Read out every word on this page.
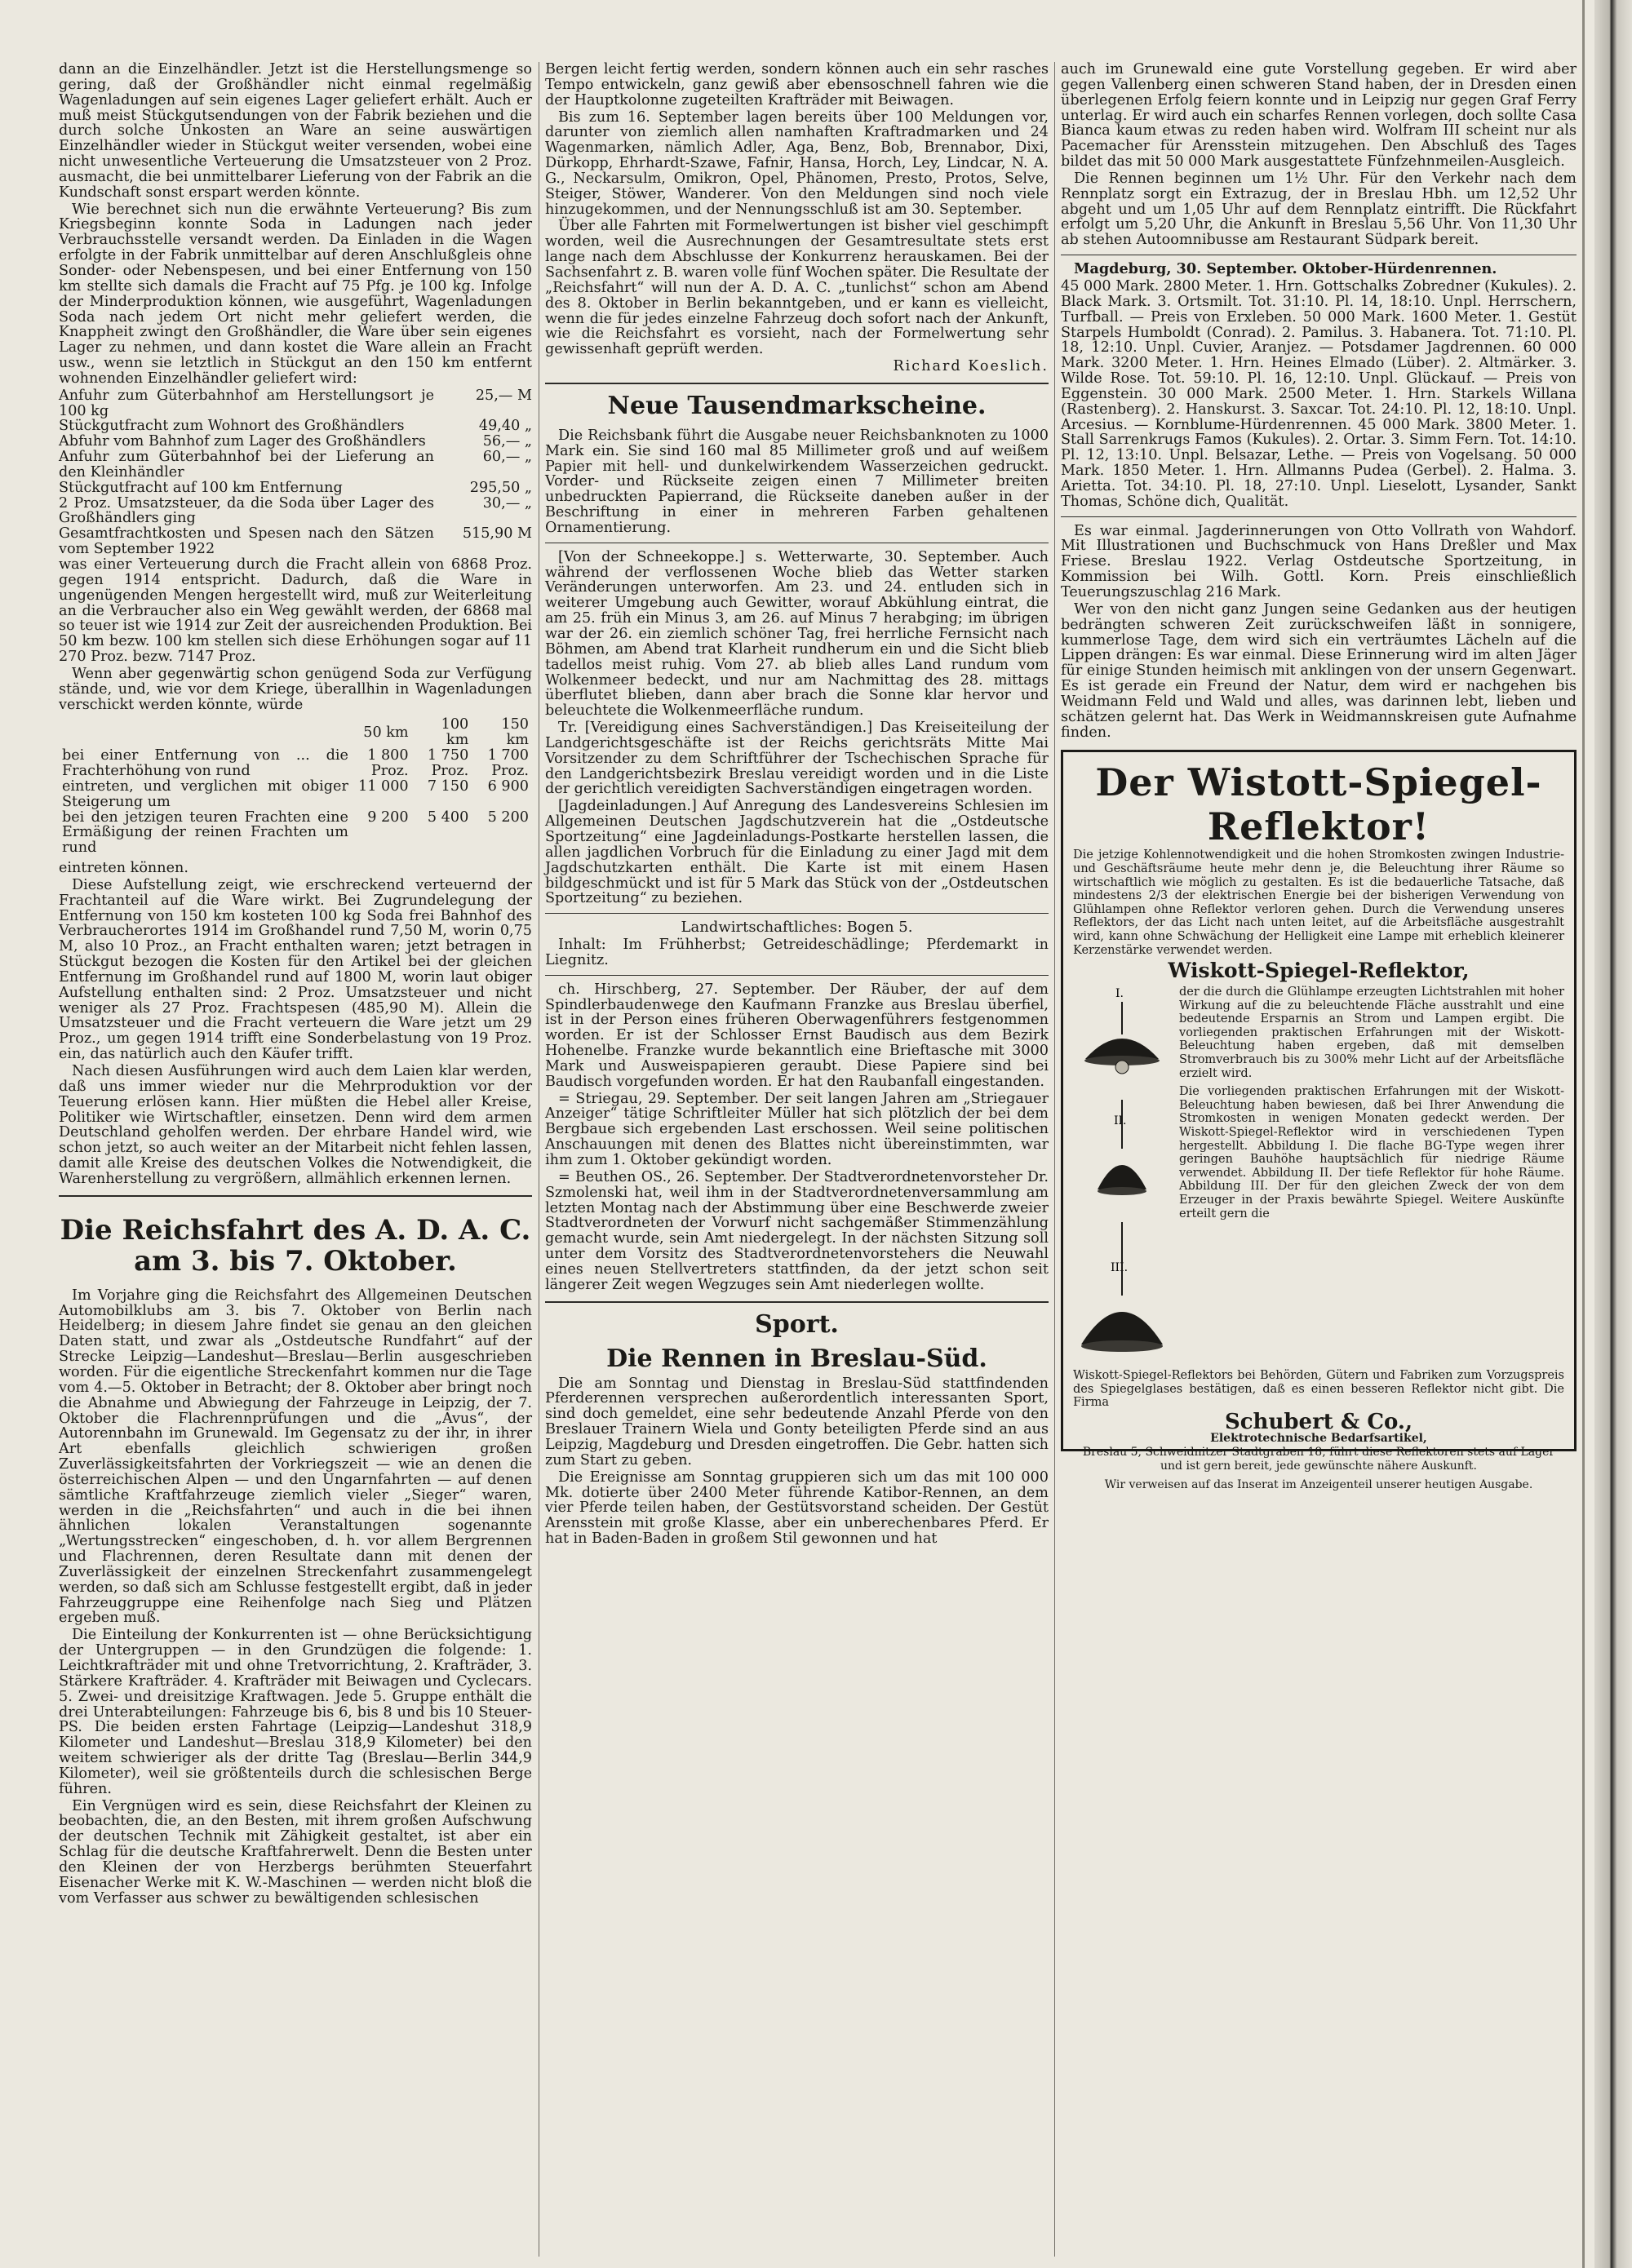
dann an die Einzelhändler. Jetzt ist die Herstellungsmenge so gering, daß der Großhändler nicht einmal regelmäßig Wagenladungen auf sein eigenes Lager geliefert erhält. Auch er muß meist Stückgutsendungen von der Fabrik beziehen und die durch solche Unkosten an Ware an seine auswärtigen Einzelhändler wieder in Stückgut weiter versenden, wobei eine nicht unwesentliche Verteuerung die Umsatzsteuer von 2 Proz. ausmacht, die bei unmittelbarer Lieferung von der Fabrik an die Kundschaft sonst erspart werden könnte.

Wie berechnet sich nun die erwähnte Verteuerung? Bis zum Kriegsbeginn konnte Soda in Ladungen nach jeder Verbrauchsstelle versandt werden. Da Einladen in die Wagen erfolgte in der Fabrik unmittelbar auf deren Anschlußgleis ohne Sonder- oder Nebenspesen, und bei einer Entfernung von 150 km stellte sich damals die Fracht auf 75 Pfg. je 100 kg. Infolge der Minderproduktion können, wie ausgeführt, Wagenladungen Soda nach jedem Ort nicht mehr geliefert werden, die Knappheit zwingt den Großhändler, die Ware über sein eigenes Lager zu nehmen, und dann kostet die Ware allein an Fracht usw., wenn sie letztlich in Stückgut an den 150 km entfernt wohnenden Einzelhändler geliefert wird:

Anfuhr zum Güterbahnhof am Herstellungsort je 100 kg	25,— M
Stückgutfracht zum Wohnort des Großhändlers	49,40 „
Abfuhr vom Bahnhof zum Lager des Großhändlers	56,— „
Anfuhr zum Güterbahnhof bei der Lieferung an den Kleinhändler	60,— „
Stückgutfracht auf 100 km Entfernung	295,50 „
2 Proz. Umsatzsteuer, da die Soda über Lager des Großhändlers ging	30,— „
Gesamtfrachtkosten und Spesen nach den Sätzen vom September 1922	515,90 M

was einer Verteuerung durch die Fracht allein von 6868 Proz. gegen 1914 entspricht. Dadurch, daß die Ware in ungenügenden Mengen hergestellt wird, muß zur Weiterleitung an die Verbraucher also ein Weg gewählt werden, der 6868 mal so teuer ist wie 1914 zur Zeit der ausreichenden Produktion. Bei 50 km bezw. 100 km stellen sich diese Erhöhungen sogar auf 11 270 Proz. bezw. 7147 Proz.

Wenn aber gegenwärtig schon genügend Soda zur Verfügung stände, und, wie vor dem Kriege, überallhin in Wagenladungen verschickt werden könnte, würde

	50 km	100 km	150 km
bei einer Entfernung von ... die Frachterhöhung von rund	1 800 Proz.	1 750 Proz.	1 700 Proz.
eintreten, und verglichen mit obiger Steigerung um	11 000	7 150	6 900
bei den jetzigen teuren Frachten eine Ermäßigung der reinen Frachten um rund	9 200	5 400	5 200

eintreten können.

Diese Aufstellung zeigt, wie erschreckend verteuernd der Frachtanteil auf die Ware wirkt. Bei Zugrundelegung der Entfernung von 150 km kosteten 100 kg Soda frei Bahnhof des Verbraucherortes 1914 im Großhandel rund 7,50 M, worin 0,75 M, also 10 Proz., an Fracht enthalten waren; jetzt betragen in Stückgut bezogen die Kosten für den Artikel bei der gleichen Entfernung im Großhandel rund auf 1800 M, worin laut obiger Aufstellung enthalten sind: 2 Proz. Umsatzsteuer und nicht weniger als 27 Proz. Frachtspesen (485,90 M). Allein die Umsatzsteuer und die Fracht verteuern die Ware jetzt um 29 Proz., um gegen 1914 trifft eine Sonderbelastung von 19 Proz. ein, das natürlich auch den Käufer trifft.

Nach diesen Ausführungen wird auch dem Laien klar werden, daß uns immer wieder nur die Mehrproduktion vor der Teuerung erlösen kann. Hier müßten die Hebel aller Kreise, Politiker wie Wirtschaftler, einsetzen. Denn wird dem armen Deutschland geholfen werden. Der ehrbare Handel wird, wie schon jetzt, so auch weiter an der Mitarbeit nicht fehlen lassen, damit alle Kreise des deutschen Volkes die Notwendigkeit, die Warenherstellung zu vergrößern, allmählich erkennen lernen.

Die Reichsfahrt des A. D. A. C. am 3. bis 7. Oktober.

Im Vorjahre ging die Reichsfahrt des Allgemeinen Deutschen Automobilklubs am 3. bis 7. Oktober von Berlin nach Heidelberg; in diesem Jahre findet sie genau an den gleichen Daten statt, und zwar als „Ostdeutsche Rundfahrt“ auf der Strecke Leipzig—Landeshut—Breslau—Berlin ausgeschrieben worden. Für die eigentliche Streckenfahrt kommen nur die Tage vom 4.—5. Oktober in Betracht; der 8. Oktober aber bringt noch die Abnahme und Abwiegung der Fahrzeuge in Leipzig, der 7. Oktober die Flachrennprüfungen und die „Avus“, der Autorennbahn im Grunewald. Im Gegensatz zu der ihr, in ihrer Art ebenfalls gleichlich schwierigen großen Zuverlässigkeitsfahrten der Vorkriegszeit — wie an denen die österreichischen Alpen — und den Ungarnfahrten — auf denen sämtliche Kraftfahrzeuge ziemlich vieler „Sieger“ waren, werden in die „Reichsfahrten“ und auch in die bei ihnen ähnlichen lokalen Veranstaltungen sogenannte „Wertungsstrecken“ eingeschoben, d. h. vor allem Bergrennen und Flachrennen, deren Resultate dann mit denen der Zuverlässigkeit der einzelnen Streckenfahrt zusammengelegt werden, so daß sich am Schlusse festgestellt ergibt, daß in jeder Fahrzeuggruppe eine Reihenfolge nach Sieg und Plätzen ergeben muß.

Die Einteilung der Konkurrenten ist — ohne Berücksichtigung der Untergruppen — in den Grundzügen die folgende: 1. Leichtkrafträder mit und ohne Tretvorrichtung, 2. Krafträder, 3. Stärkere Krafträder. 4. Krafträder mit Beiwagen und Cyclecars. 5. Zwei- und dreisitzige Kraftwagen. Jede 5. Gruppe enthält die drei Unterabteilungen: Fahrzeuge bis 6, bis 8 und bis 10 Steuer-PS. Die beiden ersten Fahrtage (Leipzig—Landeshut 318,9 Kilometer und Landeshut—Breslau 318,9 Kilometer) bei den weitem schwieriger als der dritte Tag (Breslau—Berlin 344,9 Kilometer), weil sie größtenteils durch die schlesischen Berge führen.

Ein Vergnügen wird es sein, diese Reichsfahrt der Kleinen zu beobachten, die, an den Besten, mit ihrem großen Aufschwung der deutschen Technik mit Zähigkeit gestaltet, ist aber ein Schlag für die deutsche Kraftfahrerwelt. Denn die Besten unter den Kleinen der von Herzbergs berühmten Steuerfahrt Eisenacher Werke mit K. W.-Maschinen — werden nicht bloß die vom Verfasser aus schwer zu bewältigenden schlesischen

Bergen leicht fertig werden, sondern können auch ein sehr rasches Tempo entwickeln, ganz gewiß aber ebensoschnell fahren wie die der Hauptkolonne zugeteilten Krafträder mit Beiwagen.

Bis zum 16. September lagen bereits über 100 Meldungen vor, darunter von ziemlich allen namhaften Kraftradmarken und 24 Wagenmarken, nämlich Adler, Aga, Benz, Bob, Brennabor, Dixi, Dürkopp, Ehrhardt-Szawe, Fafnir, Hansa, Horch, Ley, Lindcar, N. A. G., Neckarsulm, Omikron, Opel, Phänomen, Presto, Protos, Selve, Steiger, Stöwer, Wanderer. Von den Meldungen sind noch viele hinzugekommen, und der Nennungsschluß ist am 30. September.

Über alle Fahrten mit Formelwertungen ist bisher viel geschimpft worden, weil die Ausrechnungen der Gesamtresultate stets erst lange nach dem Abschlusse der Konkurrenz herauskamen. Bei der Sachsenfahrt z. B. waren volle fünf Wochen später. Die Resultate der „Reichsfahrt“ will nun der A. D. A. C. „tunlichst“ schon am Abend des 8. Oktober in Berlin bekanntgeben, und er kann es vielleicht, wenn die für jedes einzelne Fahrzeug doch sofort nach der Ankunft, wie die Reichsfahrt es vorsieht, nach der Formelwertung sehr gewissenhaft geprüft werden.

Richard Koeslich.

Neue Tausendmarkscheine.

Die Reichsbank führt die Ausgabe neuer Reichsbanknoten zu 1000 Mark ein. Sie sind 160 mal 85 Millimeter groß und auf weißem Papier mit hell- und dunkelwirkendem Wasserzeichen gedruckt. Vorder- und Rückseite zeigen einen 7 Millimeter breiten unbedruckten Papierrand, die Rückseite daneben außer in der Beschriftung in einer in mehreren Farben gehaltenen Ornamentierung.

[Von der Schneekoppe.] s. Wetterwarte, 30. September. Auch während der verflossenen Woche blieb das Wetter starken Veränderungen unterworfen. Am 23. und 24. entluden sich in weiterer Umgebung auch Gewitter, worauf Abkühlung eintrat, die am 25. früh ein Minus 3, am 26. auf Minus 7 herabging; im übrigen war der 26. ein ziemlich schöner Tag, frei herrliche Fernsicht nach Böhmen, am Abend trat Klarheit rundherum ein und die Sicht blieb tadellos meist ruhig. Vom 27. ab blieb alles Land rundum vom Wolkenmeer bedeckt, und nur am Nachmittag des 28. mittags überflutet blieben, dann aber brach die Sonne klar hervor und beleuchtete die Wolkenmeerfläche rundum.

Tr. [Vereidigung eines Sachverständigen.] Das Kreiseiteilung der Landgerichtsgeschäfte ist der Reichs gerichtsräts Mitte Mai Vorsitzender zu dem Schriftführer der Tschechischen Sprache für den Landgerichtsbezirk Breslau vereidigt worden und in die Liste der gerichtlich vereidigten Sachverständigen eingetragen worden.

[Jagdeinladungen.] Auf Anregung des Landesvereins Schlesien im Allgemeinen Deutschen Jagdschutzverein hat die „Ostdeutsche Sportzeitung“ eine Jagdeinladungs-Postkarte herstellen lassen, die allen jagdlichen Vorbruch für die Einladung zu einer Jagd mit dem Jagdschutzkarten enthält. Die Karte ist mit einem Hasen bildgeschmückt und ist für 5 Mark das Stück von der „Ostdeutschen Sportzeitung“ zu beziehen.

Landwirtschaftliches: Bogen 5.

Inhalt: Im Frühherbst; Getreideschädlinge; Pferdemarkt in Liegnitz.

ch. Hirschberg, 27. September. Der Räuber, der auf dem Spindlerbaudenwege den Kaufmann Franzke aus Breslau überfiel, ist in der Person eines früheren Oberwagenführers festgenommen worden. Er ist der Schlosser Ernst Baudisch aus dem Bezirk Hohenelbe. Franzke wurde bekanntlich eine Brieftasche mit 3000 Mark und Ausweispapieren geraubt. Diese Papiere sind bei Baudisch vorgefunden worden. Er hat den Raubanfall eingestanden.

= Striegau, 29. September. Der seit langen Jahren am „Striegauer Anzeiger“ tätige Schriftleiter Müller hat sich plötzlich der bei dem Bergbaue sich ergebenden Last erschossen. Weil seine politischen Anschauungen mit denen des Blattes nicht übereinstimmten, war ihm zum 1. Oktober gekündigt worden.

= Beuthen OS., 26. September. Der Stadtverordnetenvorsteher Dr. Szmolenski hat, weil ihm in der Stadtverordnetenversammlung am letzten Montag nach der Abstimmung über eine Beschwerde zweier Stadtverordneten der Vorwurf nicht sachgemäßer Stimmenzählung gemacht wurde, sein Amt niedergelegt. In der nächsten Sitzung soll unter dem Vorsitz des Stadtverordnetenvorstehers die Neuwahl eines neuen Stellvertreters stattfinden, da der jetzt schon seit längerer Zeit wegen Wegzuges sein Amt niederlegen wollte.

Sport.
Die Rennen in Breslau-Süd.

Die am Sonntag und Dienstag in Breslau-Süd stattfindenden Pferderennen versprechen außerordentlich interessanten Sport, sind doch gemeldet, eine sehr bedeutende Anzahl Pferde von den Breslauer Trainern Wiela und Gonty beteiligten Pferde sind an aus Leipzig, Magdeburg und Dresden eingetroffen. Die Gebr. hatten sich zum Start zu geben.

Die Ereignisse am Sonntag gruppieren sich um das mit 100 000 Mk. dotierte über 2400 Meter führende Katibor-Rennen, an dem vier Pferde teilen haben, der Gestütsvorstand scheiden. Der Gestüt Arensstein mit große Klasse, aber ein unberechenbares Pferd. Er hat in Baden-Baden in großem Stil gewonnen und hat

auch im Grunewald eine gute Vorstellung gegeben. Er wird aber gegen Vallenberg einen schweren Stand haben, der in Dresden einen überlegenen Erfolg feiern konnte und in Leipzig nur gegen Graf Ferry unterlag. Er wird auch ein scharfes Rennen vorlegen, doch sollte Casa Bianca kaum etwas zu reden haben wird. Wolfram III scheint nur als Pacemacher für Arensstein mitzugehen. Den Abschluß des Tages bildet das mit 50 000 Mark ausgestattete Fünfzehnmeilen-Ausgleich.

Die Rennen beginnen um 1½ Uhr. Für den Verkehr nach dem Rennplatz sorgt ein Extrazug, der in Breslau Hbh. um 12,52 Uhr abgeht und um 1,05 Uhr auf dem Rennplatz eintrifft. Die Rückfahrt erfolgt um 5,20 Uhr, die Ankunft in Breslau 5,56 Uhr. Von 11,30 Uhr ab stehen Autoomnibusse am Restaurant Südpark bereit.

Magdeburg, 30. September. Oktober-Hürdenrennen.

45 000 Mark. 2800 Meter. 1. Hrn. Gottschalks Zobredner (Kukules). 2. Black Mark. 3. Ortsmilt. Tot. 31:10. Pl. 14, 18:10. Unpl. Herrschern, Turfball. — Preis von Erxleben. 50 000 Mark. 1600 Meter. 1. Gestüt Starpels Humboldt (Conrad). 2. Pamilus. 3. Habanera. Tot. 71:10. Pl. 18, 12:10. Unpl. Cuvier, Aranjez. — Potsdamer Jagdrennen. 60 000 Mark. 3200 Meter. 1. Hrn. Heines Elmado (Lüber). 2. Altmärker. 3. Wilde Rose. Tot. 59:10. Pl. 16, 12:10. Unpl. Glückauf. — Preis von Eggenstein. 30 000 Mark. 2500 Meter. 1. Hrn. Starkels Willana (Rastenberg). 2. Hanskurst. 3. Saxcar. Tot. 24:10. Pl. 12, 18:10. Unpl. Arcesius. — Kornblume-Hürdenrennen. 45 000 Mark. 3800 Meter. 1. Stall Sarrenkrugs Famos (Kukules). 2. Ortar. 3. Simm Fern. Tot. 14:10. Pl. 12, 13:10. Unpl. Belsazar, Lethe. — Preis von Vogelsang. 50 000 Mark. 1850 Meter. 1. Hrn. Allmanns Pudea (Gerbel). 2. Halma. 3. Arietta. Tot. 34:10. Pl. 18, 27:10. Unpl. Lieselott, Lysander, Sankt Thomas, Schöne dich, Qualität.

Es war einmal. Jagderinnerungen von Otto Vollrath von Wahdorf. Mit Illustrationen und Buchschmuck von Hans Dreßler und Max Friese. Breslau 1922. Verlag Ostdeutsche Sportzeitung, in Kommission bei Wilh. Gottl. Korn. Preis einschließlich Teuerungszuschlag 216 Mark.

Wer von den nicht ganz Jungen seine Gedanken aus der heutigen bedrängten schweren Zeit zurückschweifen läßt in sonnigere, kummerlose Tage, dem wird sich ein verträumtes Lächeln auf die Lippen drängen: Es war einmal. Diese Erinnerung wird im alten Jäger für einige Stunden heimisch mit anklingen von der unsern Gegenwart. Es ist gerade ein Freund der Natur, dem wird er nachgehen bis Weidmann Feld und Wald und alles, was darinnen lebt, lieben und schätzen gelernt hat. Das Werk in Weidmannskreisen gute Aufnahme finden.

Der Wistott-Spiegel-Reflektor!
Die jetzige Kohlennotwendigkeit und die hohen Stromkosten zwingen Industrie- und Geschäftsräume heute mehr denn je, die Beleuchtung ihrer Räume so wirtschaftlich wie möglich zu gestalten. Es ist die bedauerliche Tatsache, daß mindestens 2/3 der elektrischen Energie bei der bisherigen Verwendung von Glühlampen ohne Reflektor verloren gehen. Durch die Verwendung unseres Reflektors, der das Licht nach unten leitet, auf die Arbeitsfläche ausgestrahlt wird, kann ohne Schwächung der Helligkeit eine Lampe mit erheblich kleinerer Kerzenstärke verwendet werden.
Wiskott-Spiegel-Reflektor,
I.
II.
III.
der die durch die Glühlampe erzeugten Lichtstrahlen mit hoher Wirkung auf die zu beleuchtende Fläche ausstrahlt und eine bedeutende Ersparnis an Strom und Lampen ergibt. Die vorliegenden praktischen Erfahrungen mit der Wiskott-Beleuchtung haben ergeben, daß mit demselben Stromverbrauch bis zu 300% mehr Licht auf der Arbeitsfläche erzielt wird.
Die vorliegenden praktischen Erfahrungen mit der Wiskott-Beleuchtung haben bewiesen, daß bei Ihrer Anwendung die Stromkosten in wenigen Monaten gedeckt werden. Der Wiskott-Spiegel-Reflektor wird in verschiedenen Typen hergestellt. Abbildung I. Die flache BG-Type wegen ihrer geringen Bauhöhe hauptsächlich für niedrige Räume verwendet. Abbildung II. Der tiefe Reflektor für hohe Räume. Abbildung III. Der für den gleichen Zweck der von dem Erzeuger in der Praxis bewährte Spiegel. Weitere Auskünfte erteilt gern die
Wiskott-Spiegel-Reflektors bei Behörden, Gütern und Fabriken zum Vorzugspreis des Spiegelglases bestätigen, daß es einen besseren Reflektor nicht gibt. Die Firma
Schubert & Co.,
Elektrotechnische Bedarfsartikel,
Breslau 5, Schweidnitzer Stadtgraben 18, führt diese Reflektoren stets auf Lager und ist gern bereit, jede gewünschte nähere Auskunft.
Wir verweisen auf das Inserat im Anzeigenteil unserer heutigen Ausgabe.
